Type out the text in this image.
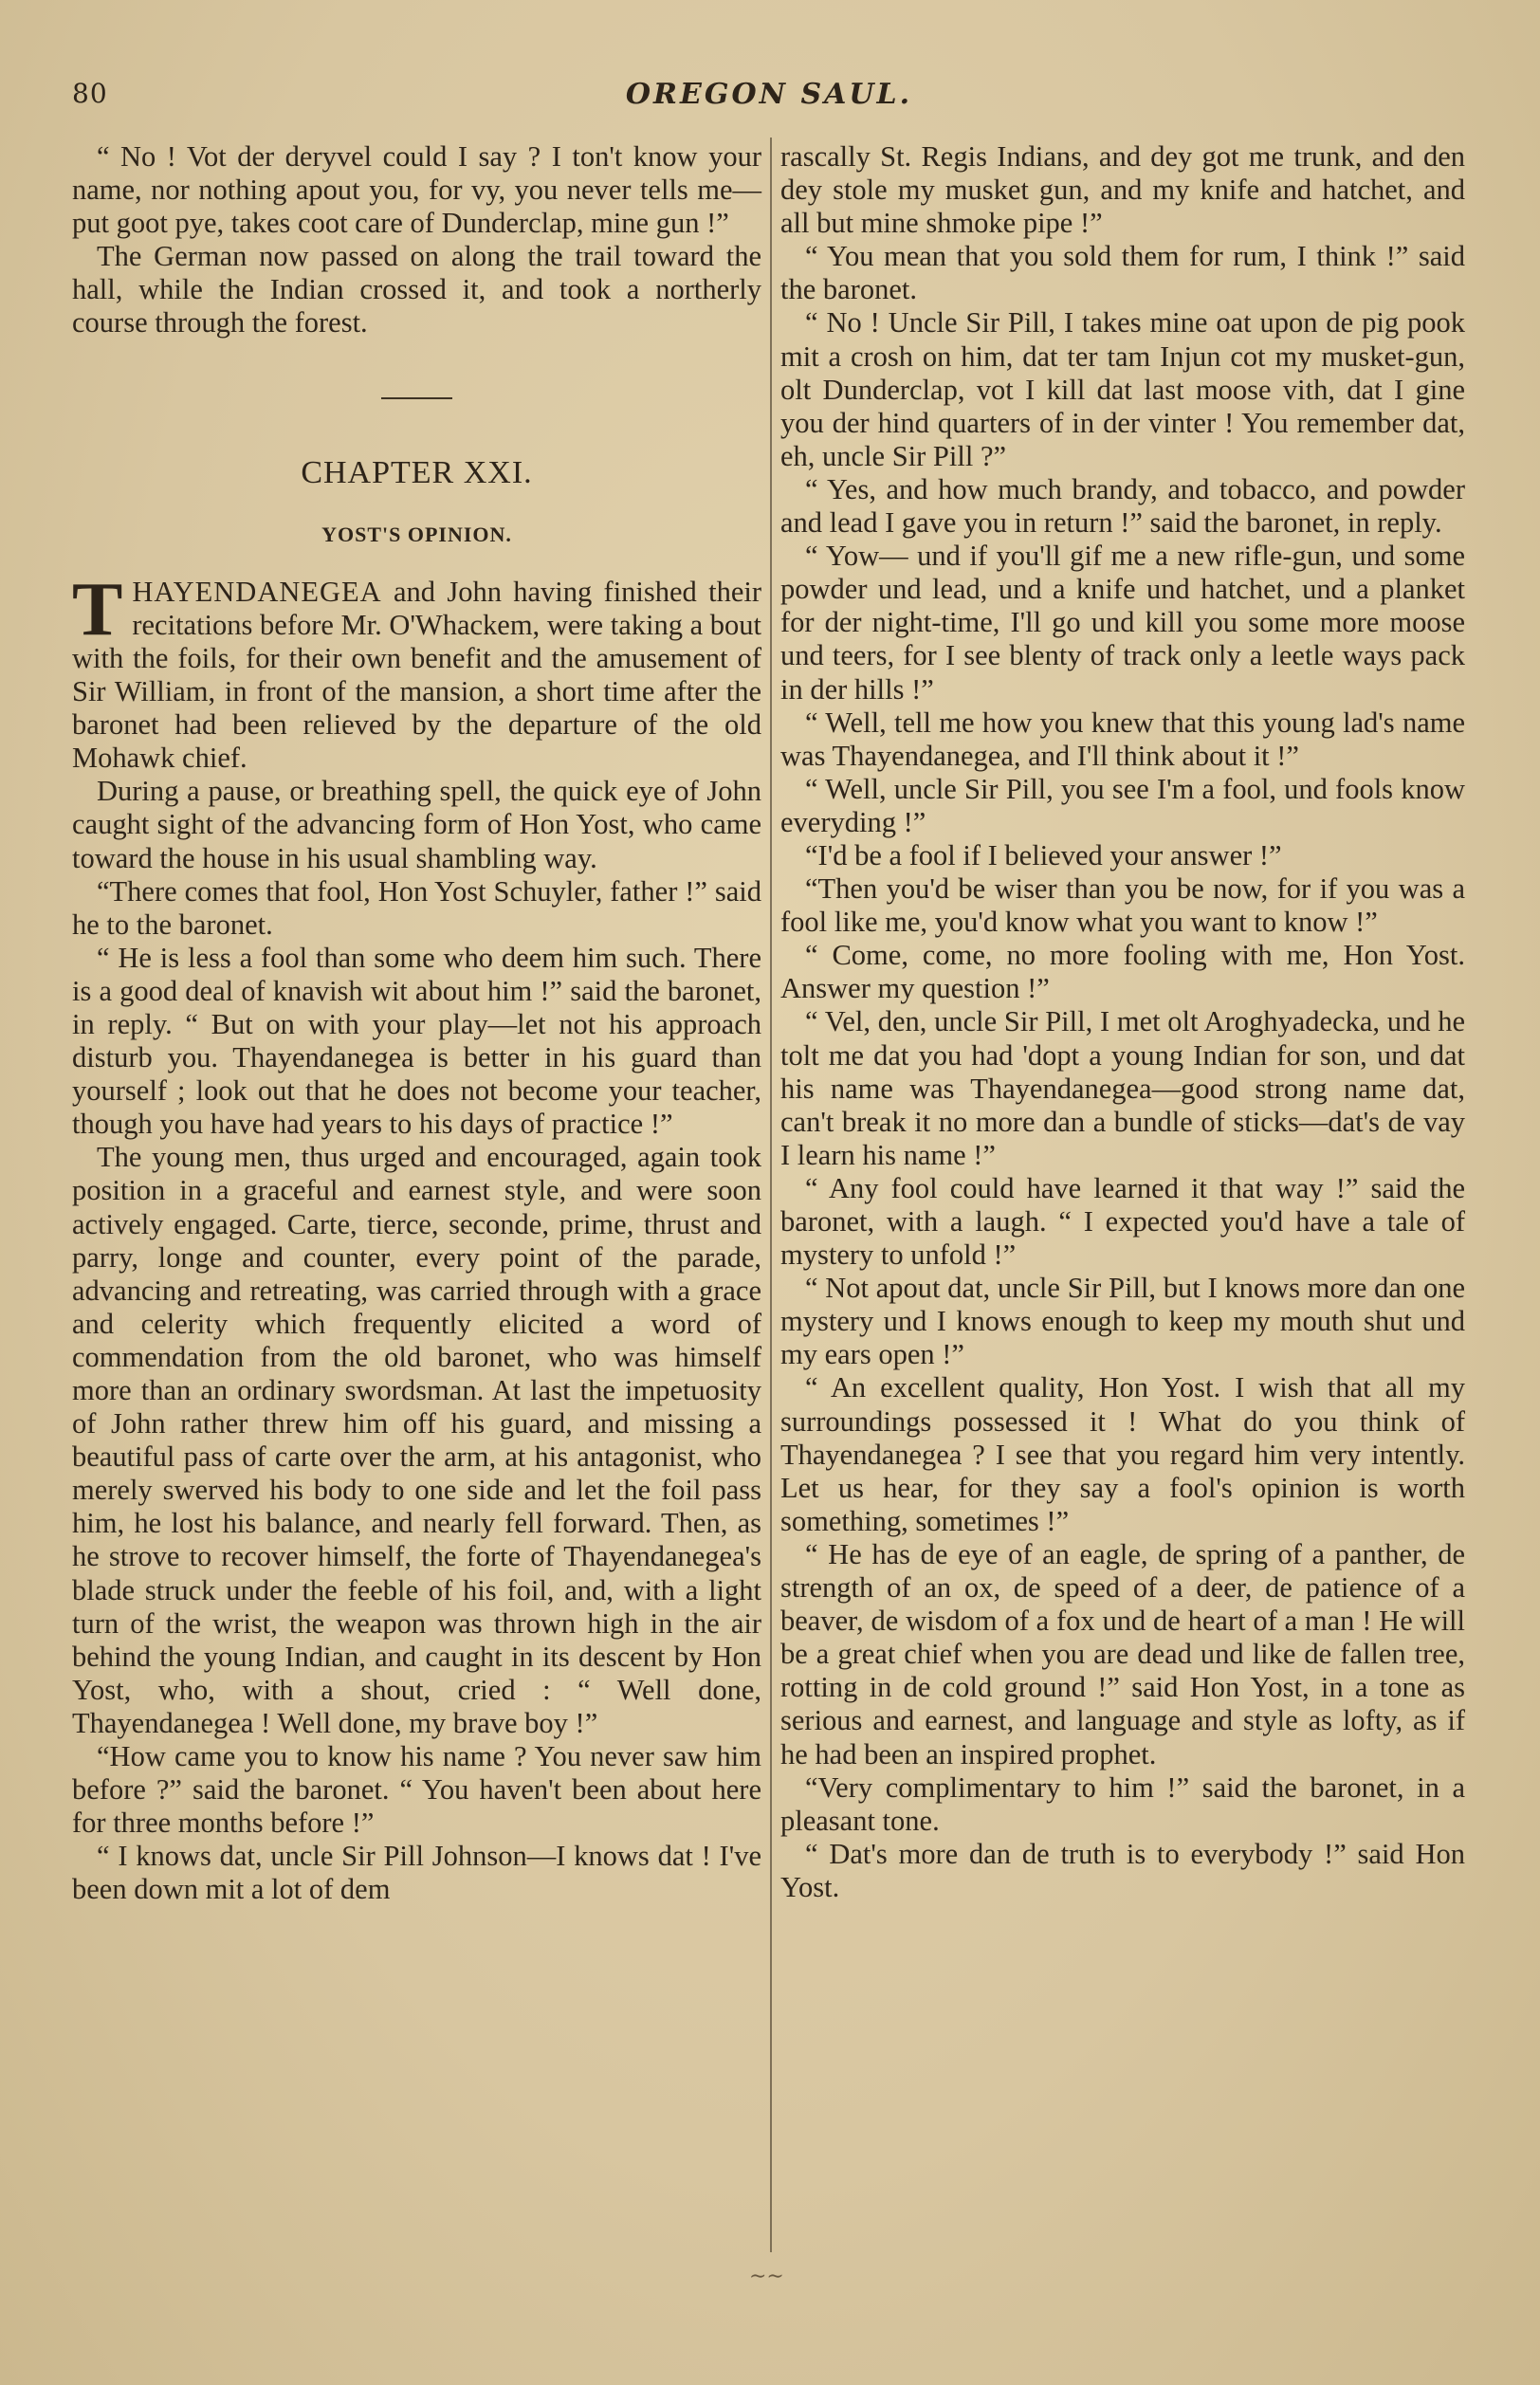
80	OREGON SAUL.

“ No ! Vot der deryvel could I say ? I ton't know your name, nor nothing apout you, for vy, you never tells me—put goot pye, takes coot care of Dunderclap, mine gun !”

The German now passed on along the trail toward the hall, while the Indian crossed it, and took a northerly course through the forest.

CHAPTER XXI.
YOST'S OPINION.

THAYENDANEGEA and John having finished their recitations before Mr. O'Whackem, were taking a bout with the foils, for their own benefit and the amusement of Sir William, in front of the mansion, a short time after the baronet had been relieved by the departure of the old Mohawk chief.

During a pause, or breathing spell, the quick eye of John caught sight of the advancing form of Hon Yost, who came toward the house in his usual shambling way.

“There comes that fool, Hon Yost Schuyler, father !” said he to the baronet.

“ He is less a fool than some who deem him such. There is a good deal of knavish wit about him !” said the baronet, in reply. “ But on with your play—let not his approach disturb you. Thayendanegea is better in his guard than yourself ; look out that he does not become your teacher, though you have had years to his days of practice !”

The young men, thus urged and encouraged, again took position in a graceful and earnest style, and were soon actively engaged. Carte, tierce, seconde, prime, thrust and parry, longe and counter, every point of the parade, advancing and retreating, was carried through with a grace and celerity which frequently elicited a word of commendation from the old baronet, who was himself more than an ordinary swordsman. At last the impetuosity of John rather threw him off his guard, and missing a beautiful pass of carte over the arm, at his antagonist, who merely swerved his body to one side and let the foil pass him, he lost his balance, and nearly fell forward. Then, as he strove to recover himself, the forte of Thayendanegea's blade struck under the feeble of his foil, and, with a light turn of the wrist, the weapon was thrown high in the air behind the young Indian, and caught in its descent by Hon Yost, who, with a shout, cried : “ Well done, Thayendanegea ! Well done, my brave boy !”

“How came you to know his name ? You never saw him before ?” said the baronet. “ You haven't been about here for three months before !”

“ I knows dat, uncle Sir Pill Johnson—I knows dat ! I've been down mit a lot of dem

rascally St. Regis Indians, and dey got me trunk, and den dey stole my musket gun, and my knife and hatchet, and all but mine shmoke pipe !”

“ You mean that you sold them for rum, I think !” said the baronet.

“ No ! Uncle Sir Pill, I takes mine oat upon de pig pook mit a crosh on him, dat ter tam Injun cot my musket-gun, olt Dunderclap, vot I kill dat last moose vith, dat I gine you der hind quarters of in der vinter ! You remember dat, eh, uncle Sir Pill ?”

“ Yes, and how much brandy, and tobacco, and powder and lead I gave you in return !” said the baronet, in reply.

“ Yow— und if you'll gif me a new rifle-gun, und some powder und lead, und a knife und hatchet, und a planket for der night-time, I'll go und kill you some more moose und teers, for I see blenty of track only a leetle ways pack in der hills !”

“ Well, tell me how you knew that this young lad's name was Thayendanegea, and I'll think about it !”

“ Well, uncle Sir Pill, you see I'm a fool, und fools know everyding !”

“I'd be a fool if I believed your answer !”

“Then you'd be wiser than you be now, for if you was a fool like me, you'd know what you want to know !”

“ Come, come, no more fooling with me, Hon Yost. Answer my question !”

“ Vel, den, uncle Sir Pill, I met olt Aroghyadecka, und he tolt me dat you had 'dopt a young Indian for son, und dat his name was Thayendanegea—good strong name dat, can't break it no more dan a bundle of sticks—dat's de vay I learn his name !”

“ Any fool could have learned it that way !” said the baronet, with a laugh. “ I expected you'd have a tale of mystery to unfold !”

“ Not apout dat, uncle Sir Pill, but I knows more dan one mystery und I knows enough to keep my mouth shut und my ears open !”

“ An excellent quality, Hon Yost. I wish that all my surroundings possessed it ! What do you think of Thayendanegea ? I see that you regard him very intently. Let us hear, for they say a fool's opinion is worth something, sometimes !”

“ He has de eye of an eagle, de spring of a panther, de strength of an ox, de speed of a deer, de patience of a beaver, de wisdom of a fox und de heart of a man ! He will be a great chief when you are dead und like de fallen tree, rotting in de cold ground !” said Hon Yost, in a tone as serious and earnest, and language and style as lofty, as if he had been an inspired prophet.

“Very complimentary to him !” said the baronet, in a pleasant tone.

“ Dat's more dan de truth is to everybody !” said Hon Yost.

∼∼
